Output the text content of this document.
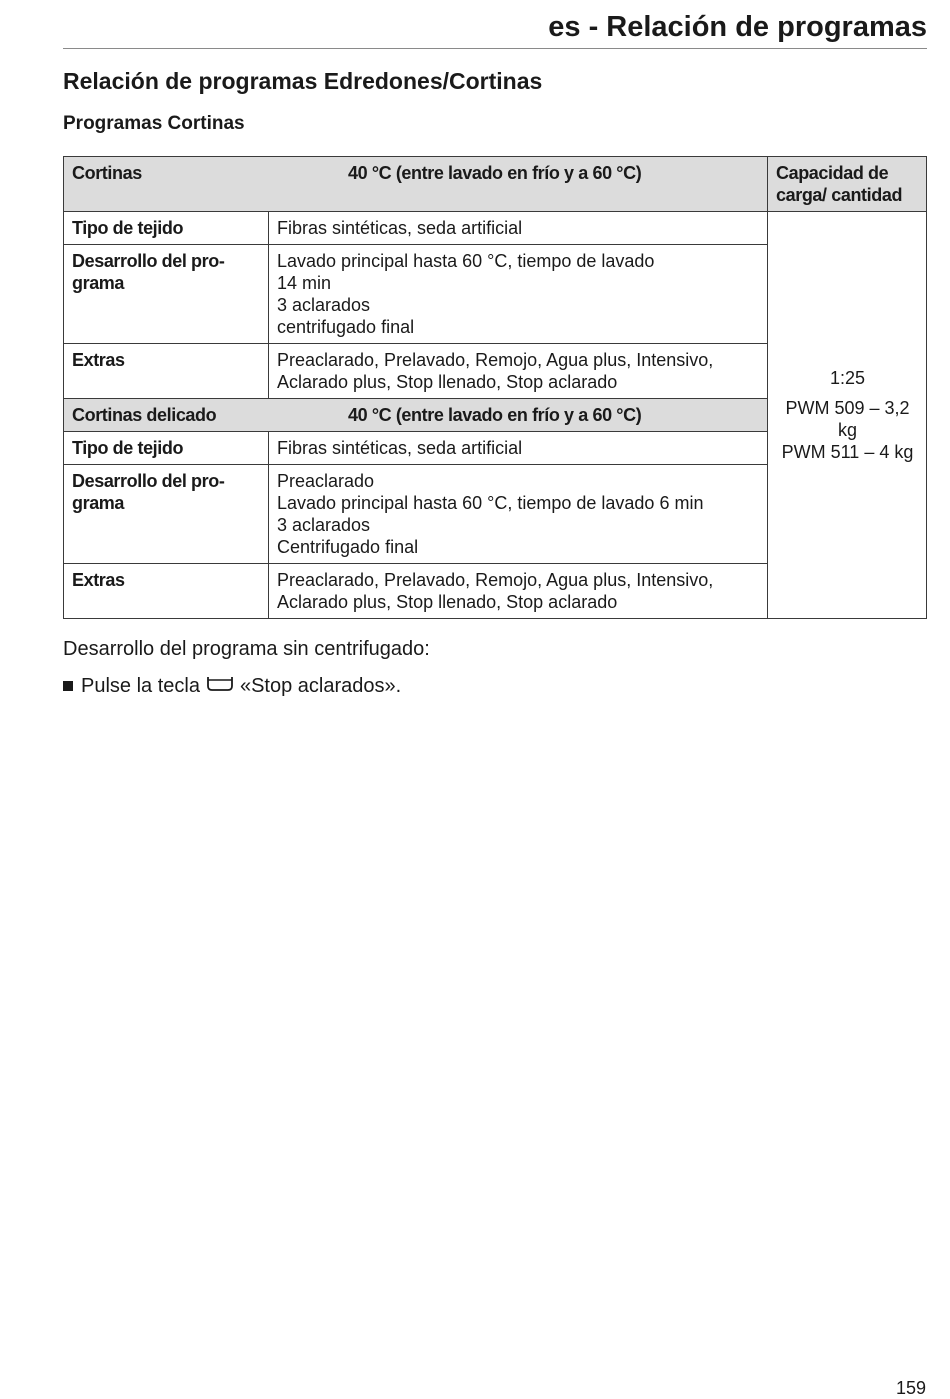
es - Relación de programas
Relación de programas Edredones/Cortinas
Programas Cortinas
Cortinas 40 °C (entre lavado en frío y a 60 °C)		Capacidad de carga/ cantidad
Tipo de tejido	Fibras sintéticas, seda artificial	1:25

PWM 509 – 3,2 kg
PWM 511 – 4 kg

Desarrollo del pro-grama	Lavado principal hasta 60 °C, tiempo de lavado
14 min
3 aclarados
centrifugado final	

Extras	Preaclarado, Prelavado, Remojo, Agua plus, Intensivo,
Aclarado plus, Stop llenado, Stop aclarado	

Cortinas delicado 40 °C (entre lavado en frío y a 60 °C)		

Tipo de tejido	Fibras sintéticas, seda artificial	
Desarrollo del pro-grama	Preaclarado
Lavado principal hasta 60 °C, tiempo de lavado 6 min
3 aclarados
Centrifugado final	

Extras	Preaclarado, Prelavado, Remojo, Agua plus, Intensivo,
Aclarado plus, Stop llenado, Stop aclarado	
Desarrollo del programa sin centrifugado:
Pulse la tecla «Stop aclarados».
159
